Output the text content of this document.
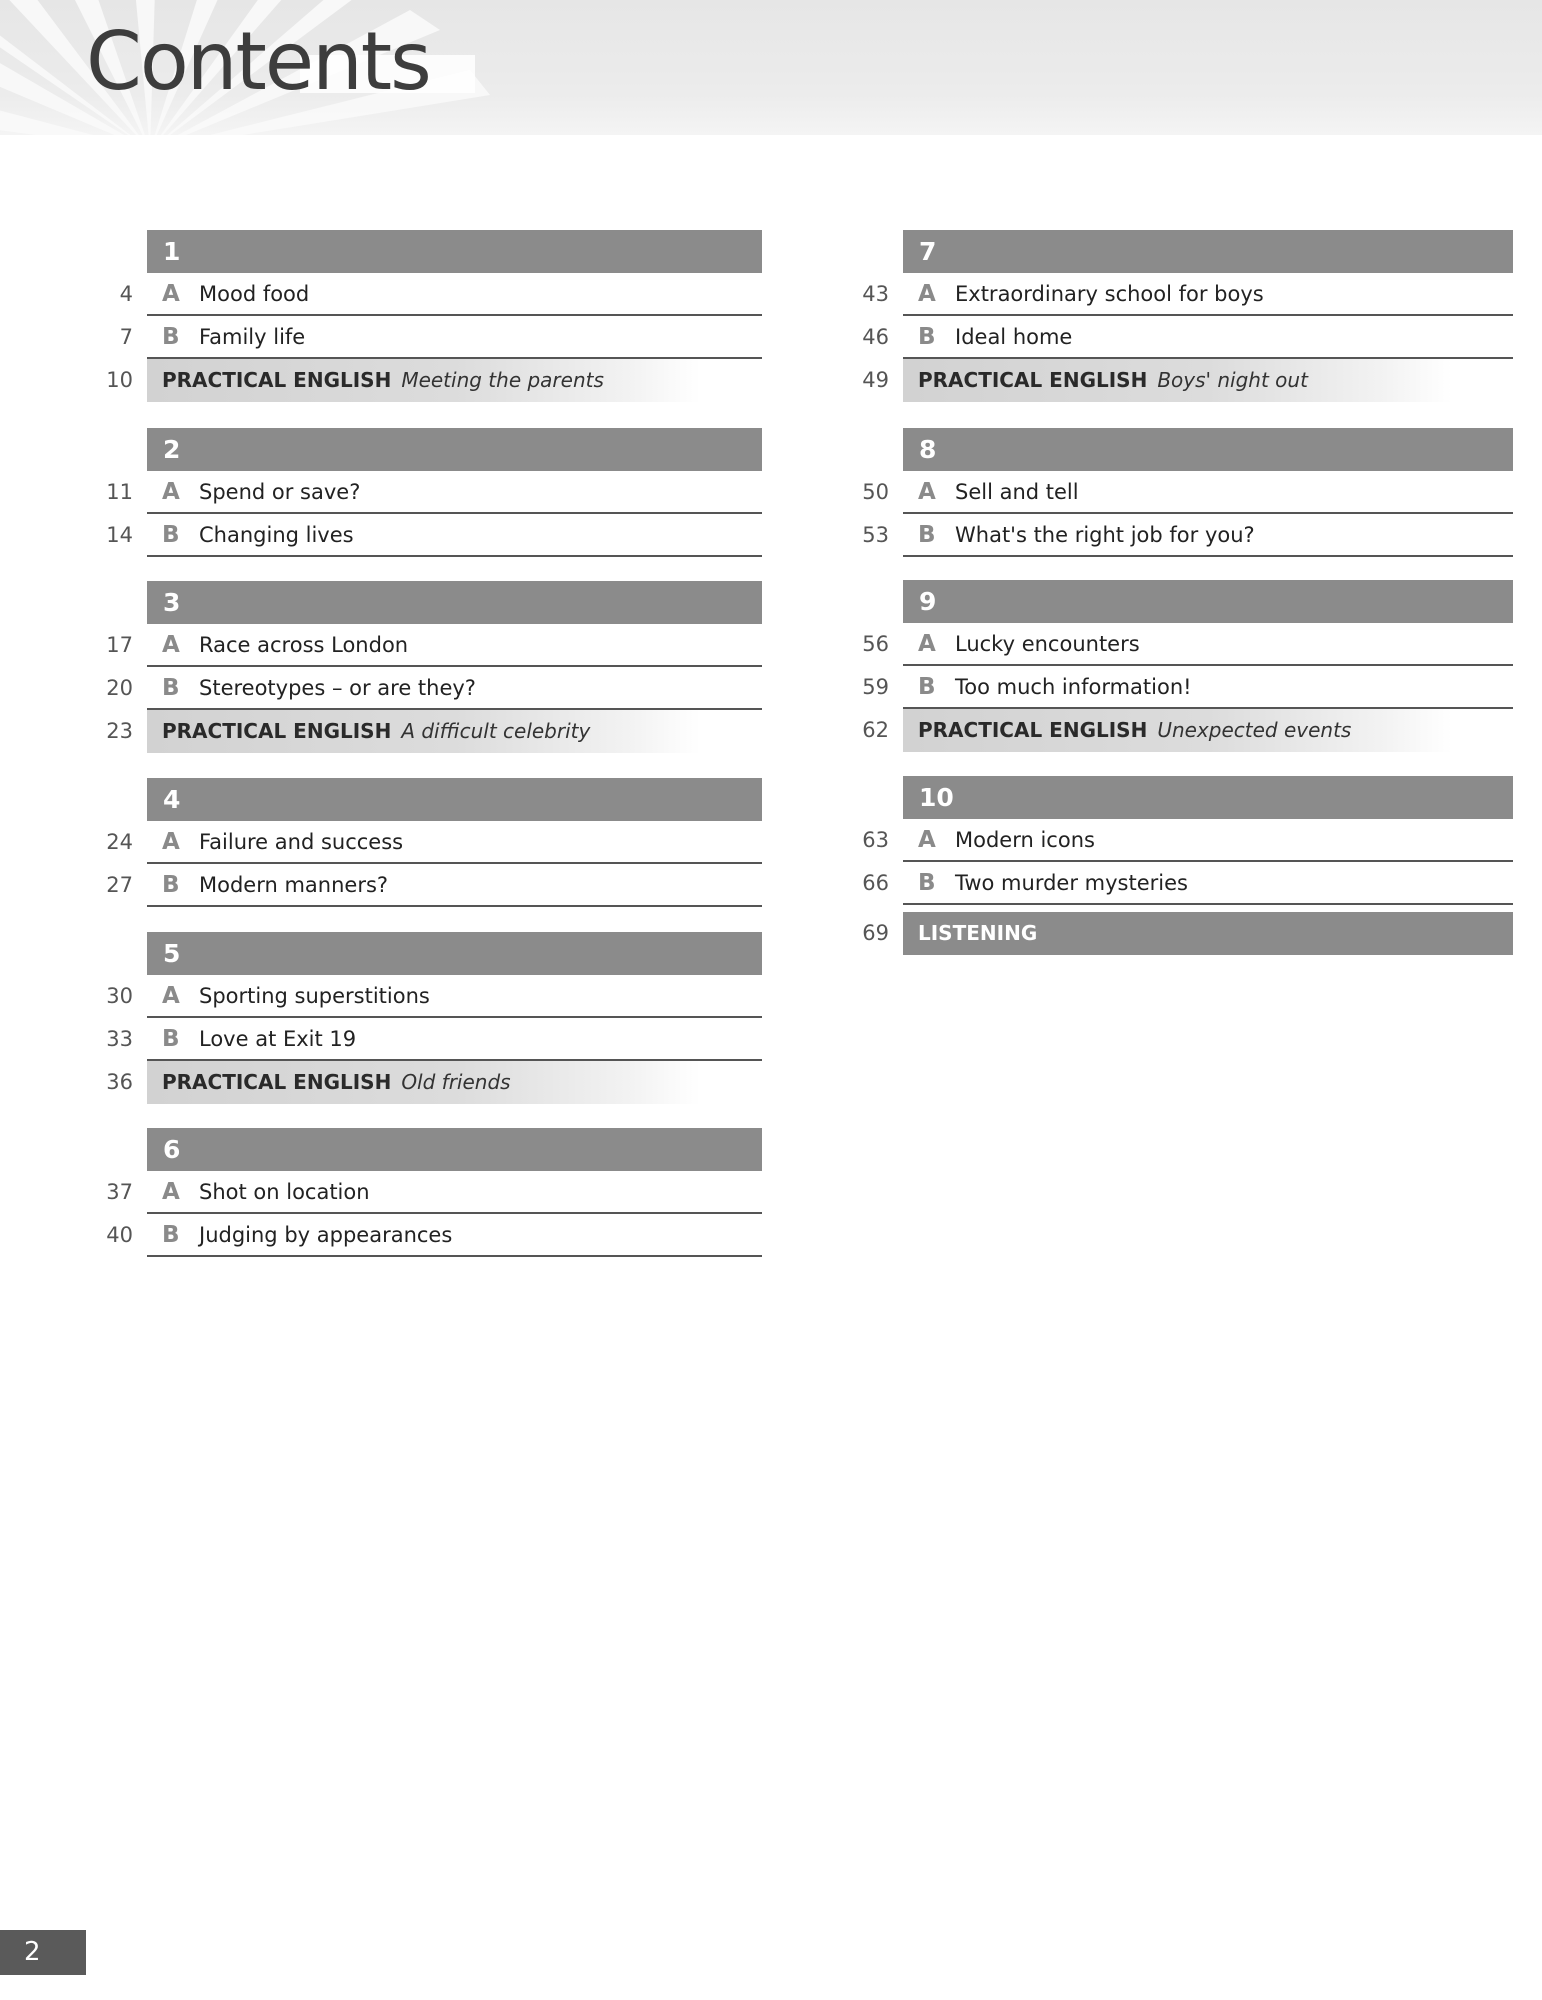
Contents
1
4 A Mood food
7 B Family life
10 PRACTICAL ENGLISH Meeting the parents
2
11 A Spend or save?
14 B Changing lives
3
17 A Race across London
20 B Stereotypes – or are they?
23 PRACTICAL ENGLISH A difficult celebrity
4
24 A Failure and success
27 B Modern manners?
5
30 A Sporting superstitions
33 B Love at Exit 19
36 PRACTICAL ENGLISH Old friends
6
37 A Shot on location
40 B Judging by appearances
7
43 A Extraordinary school for boys
46 B Ideal home
49 PRACTICAL ENGLISH Boys' night out
8
50 A Sell and tell
53 B What's the right job for you?
9
56 A Lucky encounters
59 B Too much information!
62 PRACTICAL ENGLISH Unexpected events
10
63 A Modern icons
66 B Two murder mysteries
69	LISTENING
2
